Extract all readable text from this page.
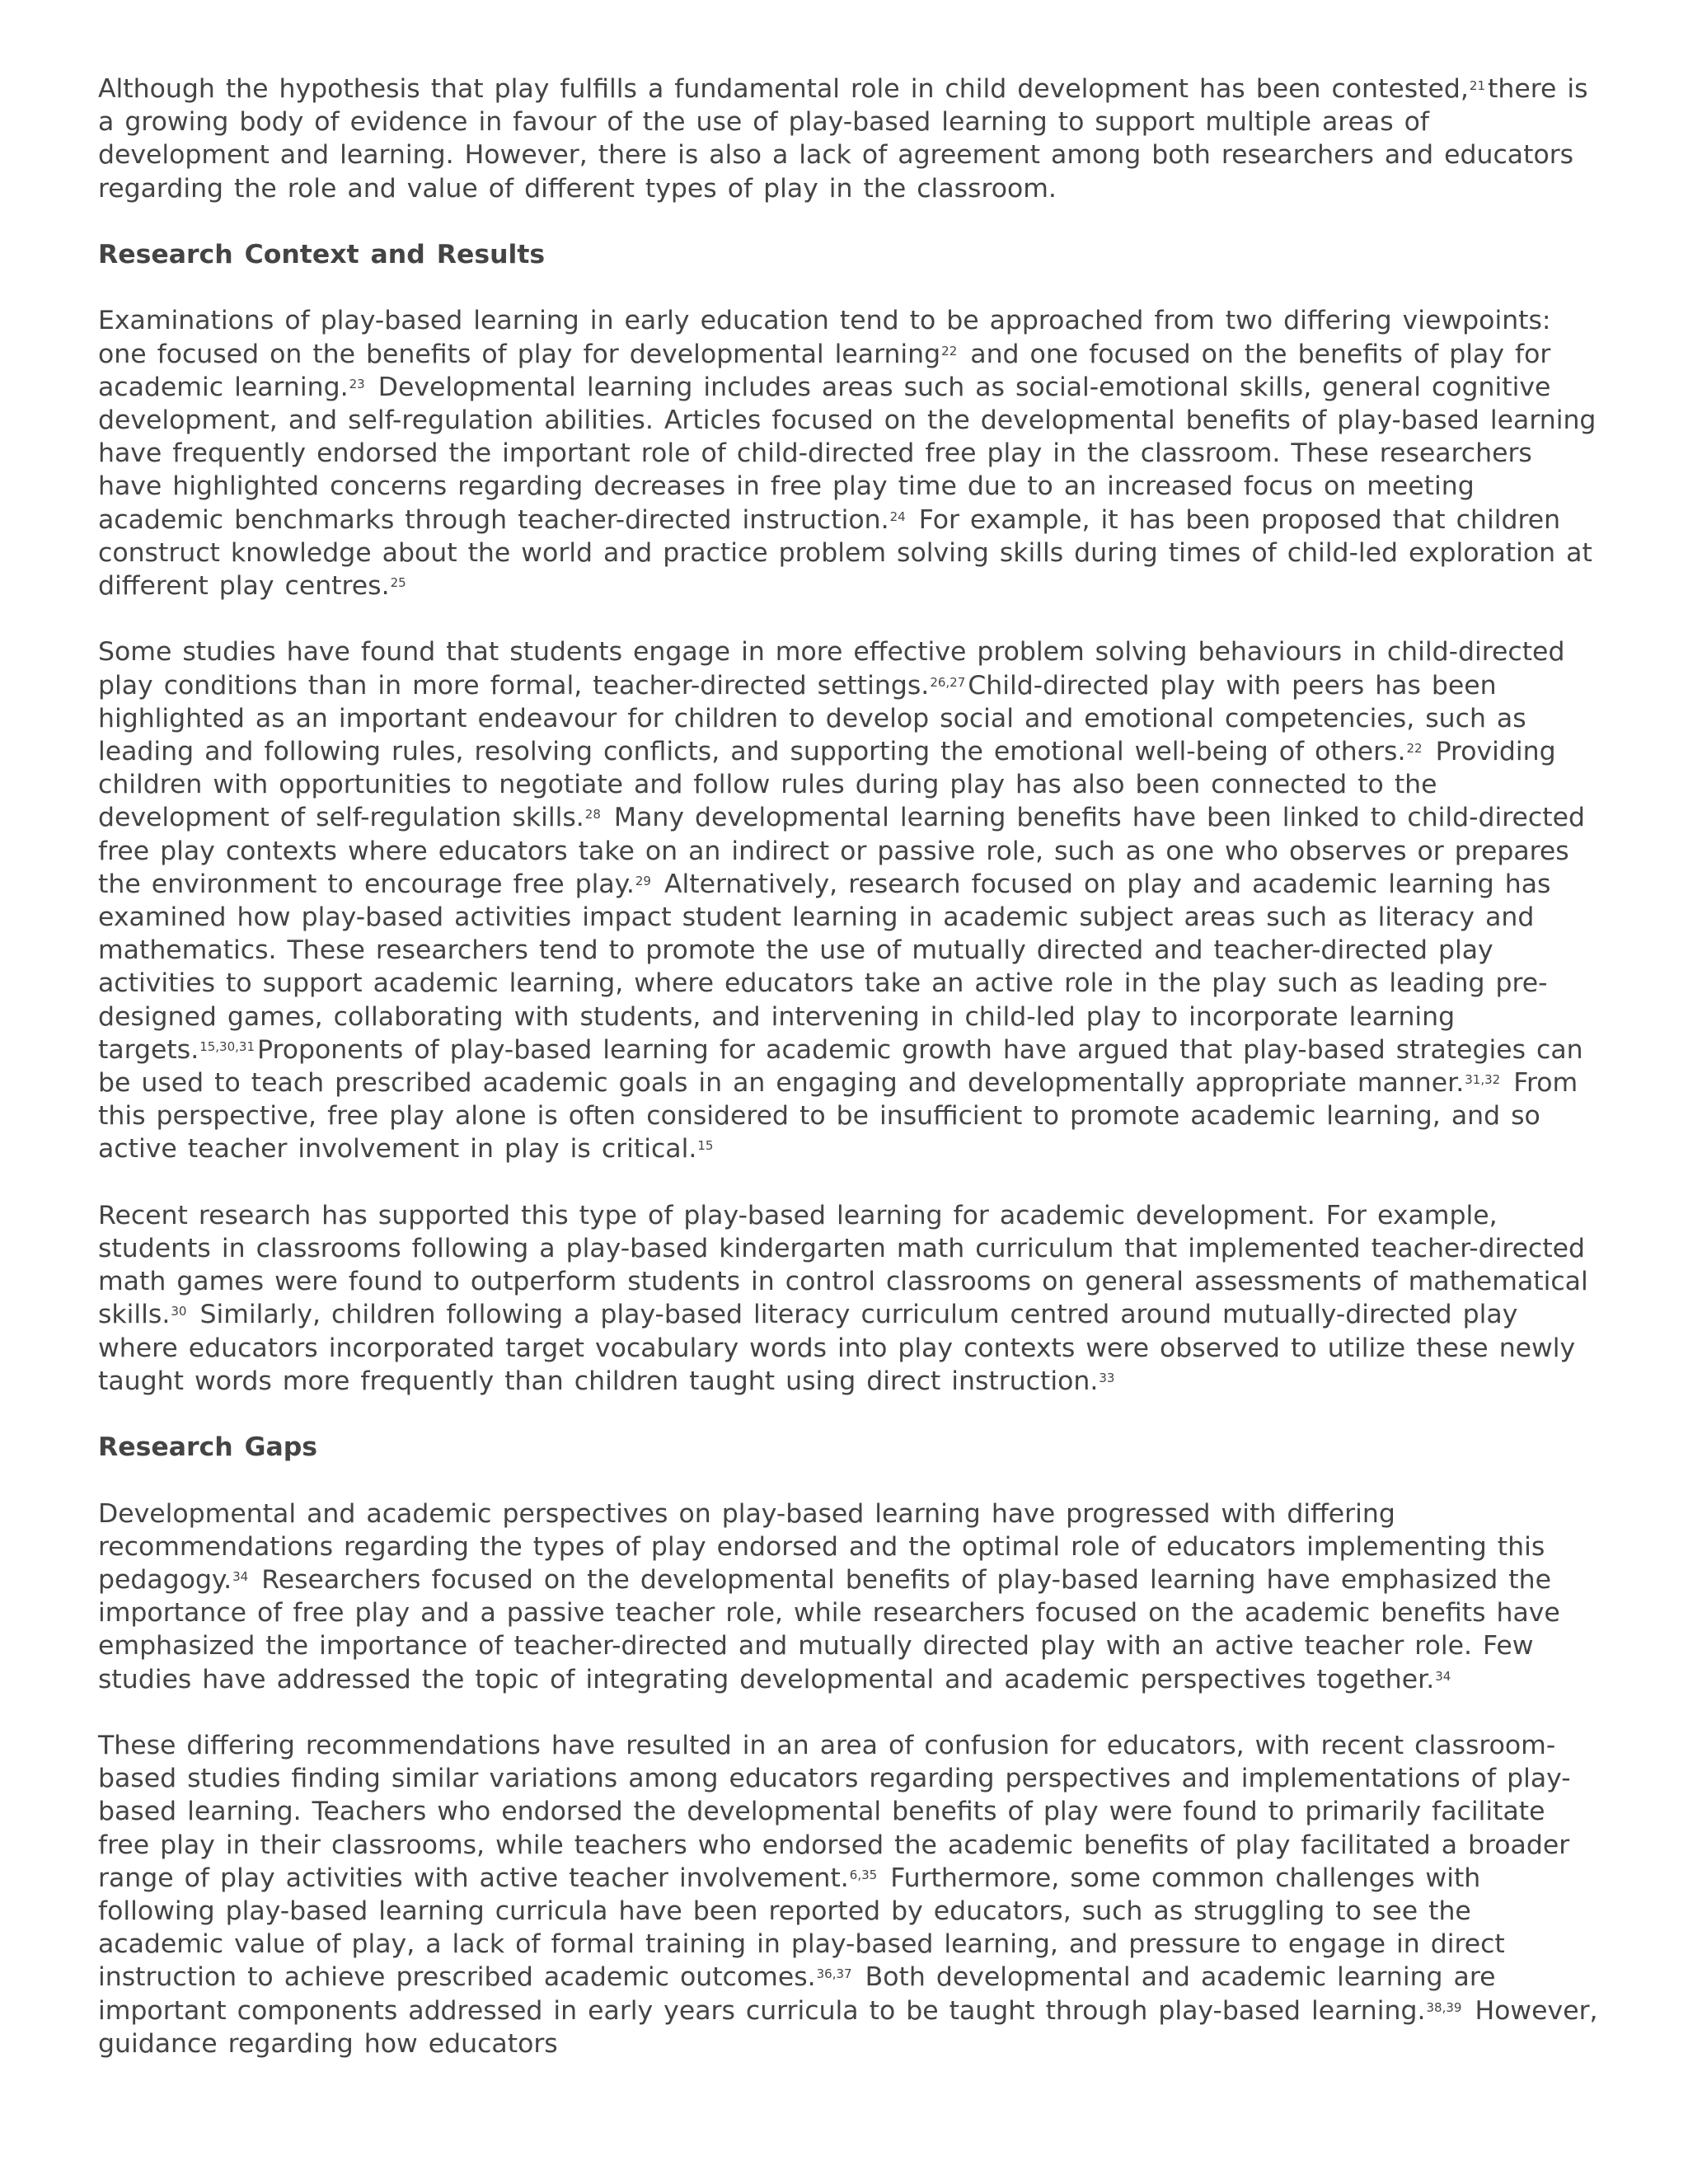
Although the hypothesis that play fulfills a fundamental role in child development has been contested,$^{21}$there is a growing body of evidence in favour of the use of play-based learning to support multiple areas of development and learning. However, there is also a lack of agreement among both researchers and educators regarding the role and value of different types of play in the classroom.

Research Context and Results

Examinations of play-based learning in early education tend to be approached from two differing viewpoints: one focused on the benefits of play for developmental learning$^{22}$ and one focused on the benefits of play for academic learning.$^{23}$ Developmental learning includes areas such as social-emotional skills, general cognitive development, and self-regulation abilities. Articles focused on the developmental benefits of play-based learning have frequently endorsed the important role of child-directed free play in the classroom. These researchers have highlighted concerns regarding decreases in free play time due to an increased focus on meeting academic benchmarks through teacher-directed instruction.$^{24}$ For example, it has been proposed that children construct knowledge about the world and practice problem solving skills during times of child-led exploration at different play centres.$^{25}$

Some studies have found that students engage in more effective problem solving behaviours in child-directed play conditions than in more formal, teacher-directed settings.$^{26,27}$Child-directed play with peers has been highlighted as an important endeavour for children to develop social and emotional competencies, such as leading and following rules, resolving conflicts, and supporting the emotional well-being of others.$^{22}$ Providing children with opportunities to negotiate and follow rules during play has also been connected to the development of self-regulation skills.$^{28}$ Many developmental learning benefits have been linked to child-directed free play contexts where educators take on an indirect or passive role, such as one who observes or prepares the environment to encourage free play.$^{29}$ Alternatively, research focused on play and academic learning has examined how play-based activities impact student learning in academic subject areas such as literacy and mathematics. These researchers tend to promote the use of mutually directed and teacher-directed play activities to support academic learning, where educators take an active role in the play such as leading pre-designed games, collaborating with students, and intervening in child-led play to incorporate learning targets.$^{15,30,31}$Proponents of play-based learning for academic growth have argued that play-based strategies can be used to teach prescribed academic goals in an engaging and developmentally appropriate manner.$^{31,32}$ From this perspective, free play alone is often considered to be insufficient to promote academic learning, and so active teacher involvement in play is critical.$^{15}$

Recent research has supported this type of play-based learning for academic development. For example, students in classrooms following a play-based kindergarten math curriculum that implemented teacher-directed math games were found to outperform students in control classrooms on general assessments of mathematical skills.$^{30}$ Similarly, children following a play-based literacy curriculum centred around mutually-directed play where educators incorporated target vocabulary words into play contexts were observed to utilize these newly taught words more frequently than children taught using direct instruction.$^{33}$

Research Gaps

Developmental and academic perspectives on play-based learning have progressed with differing recommendations regarding the types of play endorsed and the optimal role of educators implementing this pedagogy.$^{34}$ Researchers focused on the developmental benefits of play-based learning have emphasized the importance of free play and a passive teacher role, while researchers focused on the academic benefits have emphasized the importance of teacher-directed and mutually directed play with an active teacher role. Few studies have addressed the topic of integrating developmental and academic perspectives together.$^{34}$

These differing recommendations have resulted in an area of confusion for educators, with recent classroom-based studies finding similar variations among educators regarding perspectives and implementations of play-based learning. Teachers who endorsed the developmental benefits of play were found to primarily facilitate free play in their classrooms, while teachers who endorsed the academic benefits of play facilitated a broader range of play activities with active teacher involvement.$^{6,35}$ Furthermore, some common challenges with following play-based learning curricula have been reported by educators, such as struggling to see the academic value of play, a lack of formal training in play-based learning, and pressure to engage in direct instruction to achieve prescribed academic outcomes.$^{36,37}$ Both developmental and academic learning are important components addressed in early years curricula to be taught through play-based learning.$^{38,39}$ However, guidance regarding how educators
